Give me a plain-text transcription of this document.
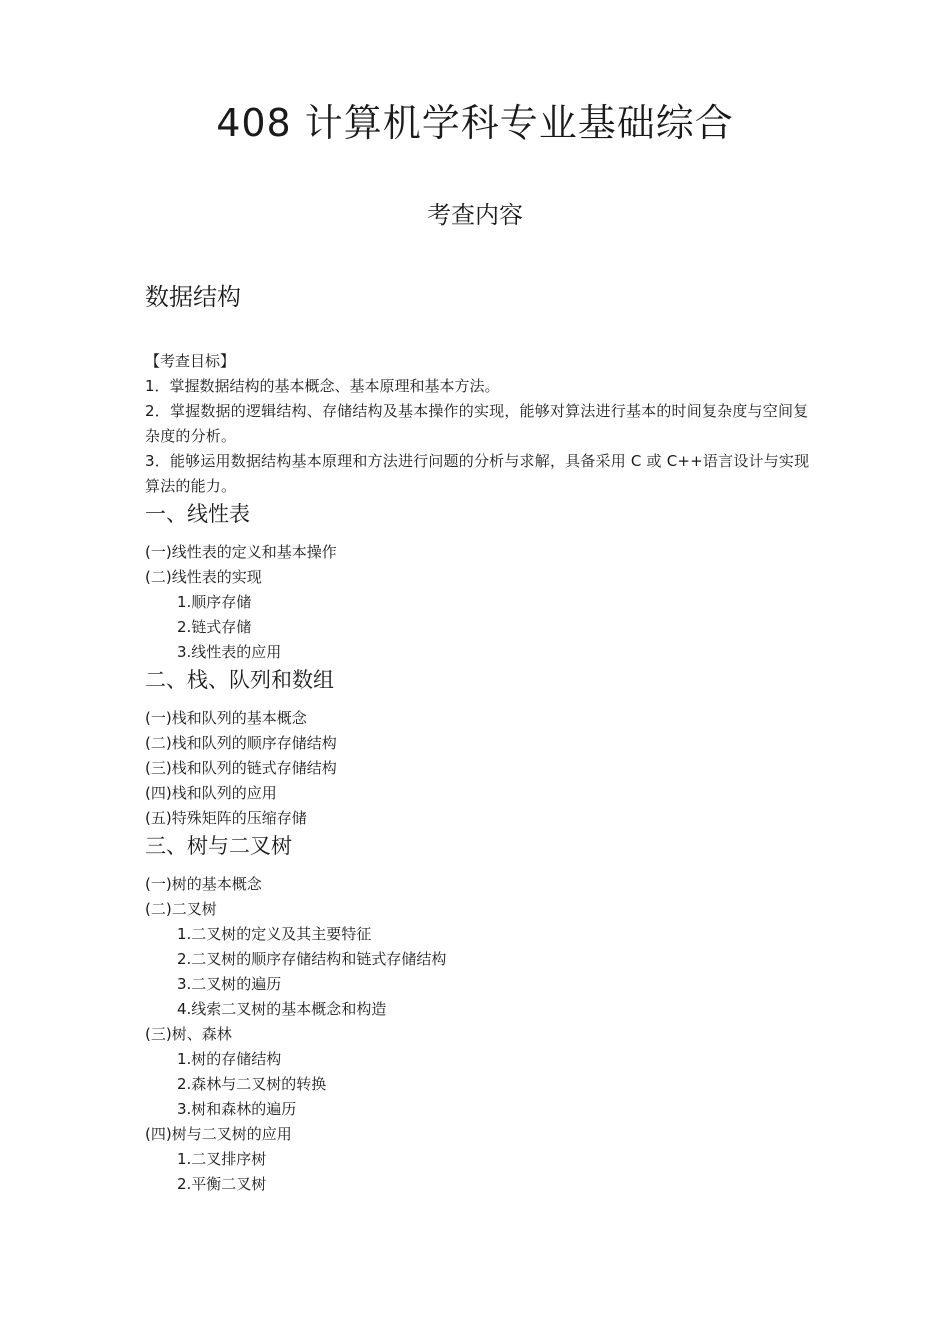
408 计算机学科专业基础综合
考查内容
数据结构
【考查目标】
1．掌握数据结构的基本概念、基本原理和基本方法。
2．掌握数据的逻辑结构、存储结构及基本操作的实现，能够对算法进行基本的时间复杂度与空间复杂度的分析。
3．能够运用数据结构基本原理和方法进行问题的分析与求解，具备采用 C 或 C++语言设计与实现算法的能力。
一、线性表
(一)线性表的定义和基本操作
(二)线性表的实现
1.顺序存储
2.链式存储
3.线性表的应用
二、栈、队列和数组
(一)栈和队列的基本概念
(二)栈和队列的顺序存储结构
(三)栈和队列的链式存储结构
(四)栈和队列的应用
(五)特殊矩阵的压缩存储
三、树与二叉树
(一)树的基本概念
(二)二叉树
1.二叉树的定义及其主要特征
2.二叉树的顺序存储结构和链式存储结构
3.二叉树的遍历
4.线索二叉树的基本概念和构造
(三)树、森林
1.树的存储结构
2.森林与二叉树的转换
3.树和森林的遍历
(四)树与二叉树的应用
1.二叉排序树
2.平衡二叉树
